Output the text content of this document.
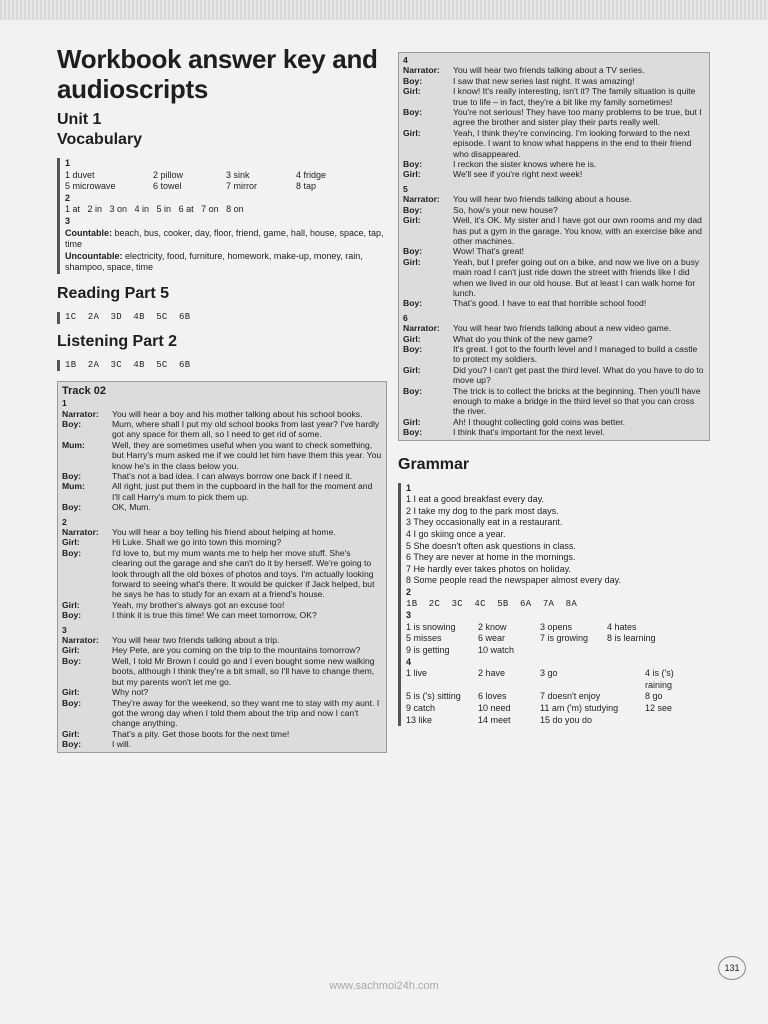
Workbook answer key and audioscripts
Unit 1
Vocabulary
1
1 duvet	2 pillow	3 sink	4 fridge
5 microwave	6 towel	7 mirror	8 tap
2
1 at   2 in   3 on   4 in   5 in   6 at   7 on   8 on
3
Countable: beach, bus, cooker, day, floor, friend, game, hall, house, space, tap, time
Uncountable: electricity, food, furniture, homework, make-up, money, rain, shampoo, space, time
Reading Part 5
1C  2A  3D  4B  5C  6B
Listening Part 2
1B  2A  3C  4B  5C  6B
Track 02
1
Narrator:	You will hear a boy and his mother talking about his school books.
Boy:	Mum, where shall I put my old school books from last year? I've hardly got any space for them all, so I need to get rid of some.
Mum:	Well, they are sometimes useful when you want to check something, but Harry's mum asked me if we could let him have them this year. You know he's in the class below you.
Boy:	That's not a bad idea. I can always borrow one back if I need it.
Mum:	All right, just put them in the cupboard in the hall for the moment and I'll call Harry's mum to pick them up.
Boy:	OK, Mum.
2
Narrator:	You will hear a boy telling his friend about helping at home.
Girl:	Hi Luke. Shall we go into town this morning?
Boy:	I'd love to, but my mum wants me to help her move stuff. She's clearing out the garage and she can't do it by herself. We're going to look through all the old boxes of photos and toys. I'm actually looking forward to seeing what's there. It would be quicker if Jack helped, but he says he has to study for an exam at a friend's house.
Girl:	Yeah, my brother's always got an excuse too!
Boy:	I think it is true this time! We can meet tomorrow, OK?
3
Narrator:	You will hear two friends talking about a trip.
Girl:	Hey Pete, are you coming on the trip to the mountains tomorrow?
Boy:	Well, I told Mr Brown I could go and I even bought some new walking boots, although I think they're a bit small, so I'll have to change them, but my parents won't let me go.
Girl:	Why not?
Boy:	They're away for the weekend, so they want me to stay with my aunt. I got the wrong day when I told them about the trip and now I can't change anything.
Girl:	That's a pity. Get those boots for the next time!
Boy:	I will.
4
Narrator:	You will hear two friends talking about a TV series.
Boy:	I saw that new series last night. It was amazing!
Girl:	I know! It's really interesting, isn't it? The family situation is quite true to life – in fact, they're a bit like my family sometimes!
Boy:	You're not serious! They have too many problems to be true, but I agree the brother and sister play their parts really well.
Girl:	Yeah, I think they're convincing. I'm looking forward to the next episode. I want to know what happens in the end to their friend who disappeared.
Boy:	I reckon the sister knows where he is.
Girl:	We'll see if you're right next week!
5
Narrator:	You will hear two friends talking about a house.
Boy:	So, how's your new house?
Girl:	Well, it's OK. My sister and I have got our own rooms and my dad has put a gym in the garage. You know, with an exercise bike and other machines.
Boy:	Wow! That's great!
Girl:	Yeah, but I prefer going out on a bike, and now we live on a busy main road I can't just ride down the street with friends like I did when we lived in our old house. But at least I can walk home for lunch.
Boy:	That's good. I have to eat that horrible school food!
6
Narrator:	You will hear two friends talking about a new video game.
Girl:	What do you think of the new game?
Boy:	It's great. I got to the fourth level and I managed to build a castle to protect my soldiers.
Girl:	Did you? I can't get past the third level. What do you have to do to move up?
Boy:	The trick is to collect the bricks at the beginning. Then you'll have enough to make a bridge in the third level so that you can cross the river.
Girl:	Ah! I thought collecting gold coins was better.
Boy:	I think that's important for the next level.
Grammar
1
1 I eat a good breakfast every day.
2 I take my dog to the park most days.
3 They occasionally eat in a restaurant.
4 I go skiing once a year.
5 She doesn't often ask questions in class.
6 They are never at home in the mornings.
7 He hardly ever takes photos on holiday.
8 Some people read the newspaper almost every day.
2
1B  2C  3C  4C  5B  6A  7A  8A
3
1 is snowing	2 know	3 opens	4 hates
5 misses	6 wear	7 is growing	8 is learning
9 is getting	10 watch
4
1 live	2 have	3 go	4 is ('s) raining
5 is ('s) sitting	6 loves	7 doesn't enjoy	8 go
9 catch	10 need	11 am ('m) studying	12 see
13 like	14 meet	15 do you do
131
www.sachmoi24h.com
